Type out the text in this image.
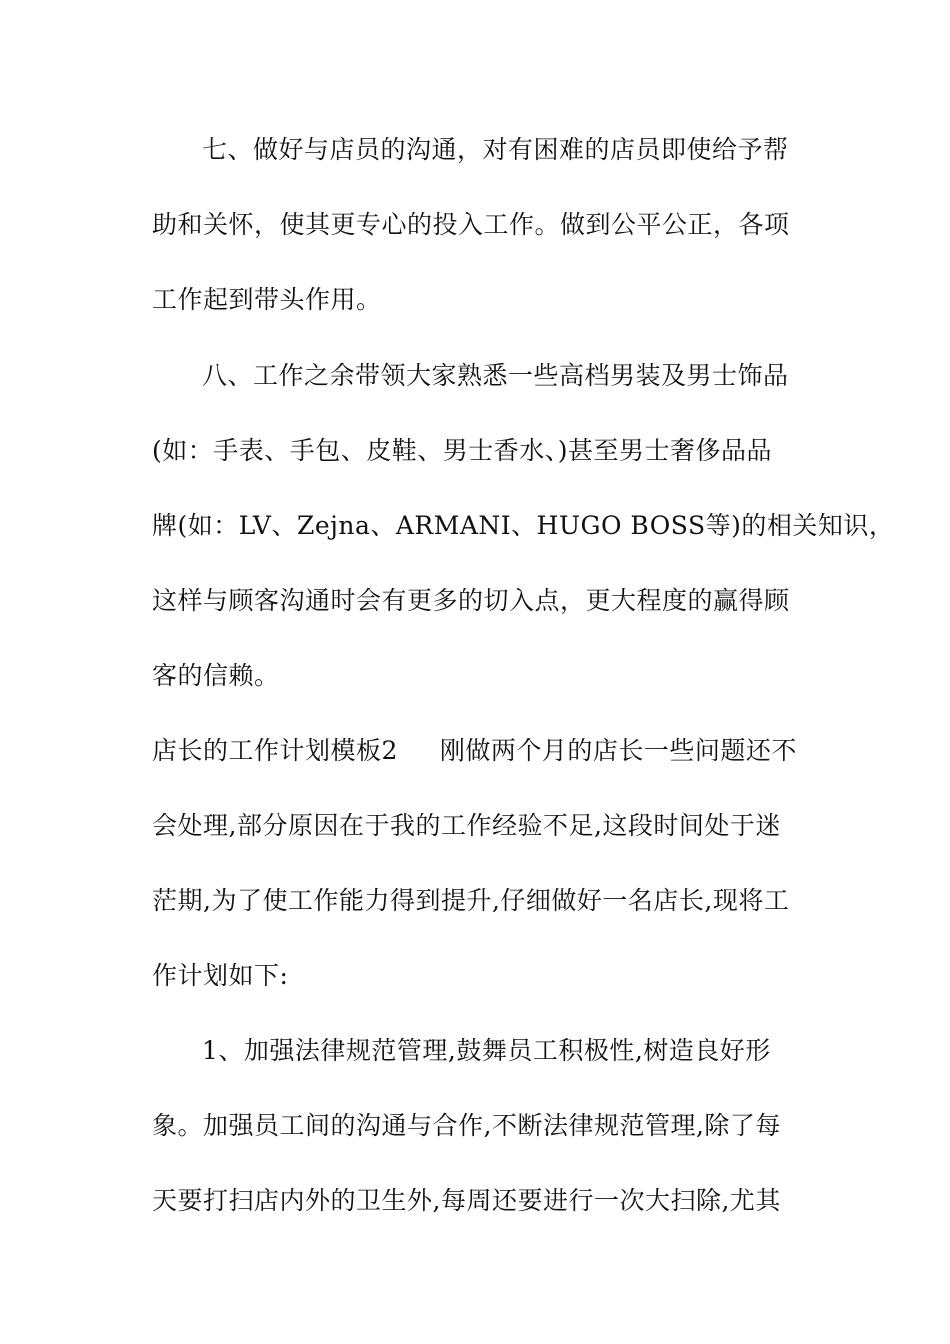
七、做好与店员的沟通，对有困难的店员即使给予帮
助和关怀，使其更专心的投入工作。做到公平公正，各项
工作起到带头作用。
八、工作之余带领大家熟悉一些高档男装及男士饰品
(如：手表、手包、皮鞋、男士香水、)甚至男士奢侈品品
牌(如：LV、Zejna、ARMANI、HUGO BOSS等)的相关知识，
这样与顾客沟通时会有更多的切入点，更大程度的赢得顾
客的信赖。
店长的工作计划模板2 刚做两个月的店长一些问题还不
会处理,部分原因在于我的工作经验不足,这段时间处于迷
茫期,为了使工作能力得到提升,仔细做好一名店长,现将工
作计划如下:
1、加强法律规范管理,鼓舞员工积极性,树造良好形
象。加强员工间的沟通与合作,不断法律规范管理,除了每
天要打扫店内外的卫生外,每周还要进行一次大扫除,尤其
